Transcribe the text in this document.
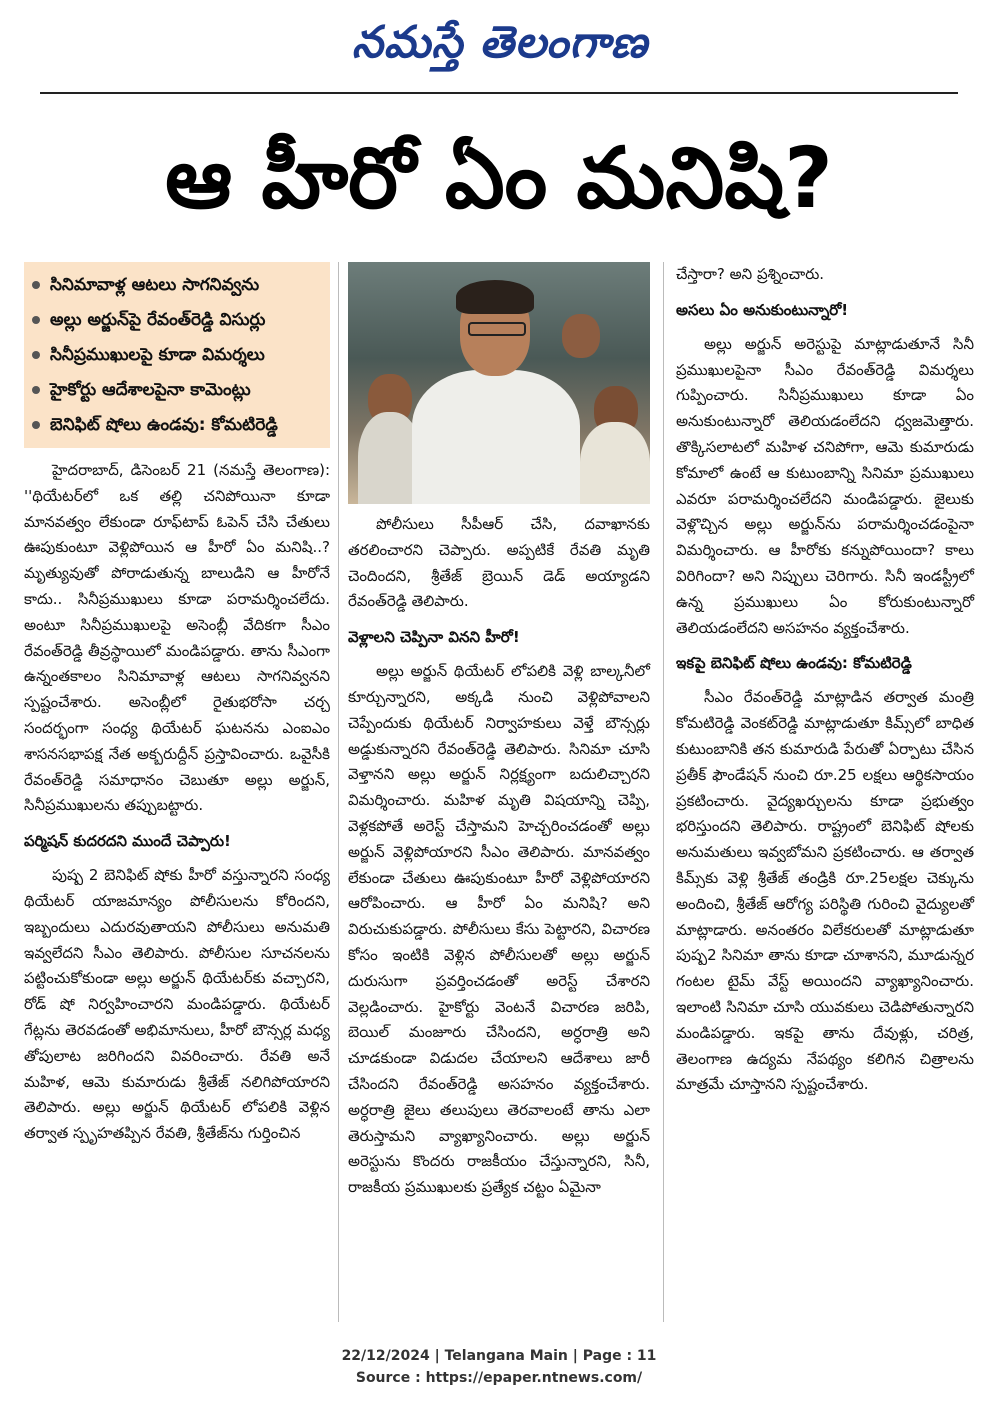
నమస్తే తెలంగాణ
ఆ హీరో ఏం మనిషి?
సినిమావాళ్ల ఆటలు సాగనివ్వను
అల్లు అర్జున్‌పై రేవంత్‌రెడ్డి విసుర్లు
సినీప్రముఖులపై కూడా విమర్శలు
హైకోర్టు ఆదేశాలపైనా కామెంట్లు
బెనిఫిట్ షోలు ఉండవు: కోమటిరెడ్డి

హైదరాబాద్, డిసెంబర్ 21 (నమస్తే తెలంగాణ): ''థియేటర్‌లో ఒక తల్లి చనిపోయినా కూడా మానవత్వం లేకుండా రూఫ్‌టాప్ ఓపెన్ చేసి చేతులు ఊపుకుంటూ వెళ్లిపోయిన ఆ హీరో ఏం మనిషి..? మృత్యువుతో పోరాడుతున్న బాలుడిని ఆ హీరోనే కాదు.. సినీప్రముఖులు కూడా పరామర్శించలేదు. అంటూ సినీప్రముఖులపై అసెంబ్లీ వేదికగా సీఎం రేవంత్‌రెడ్డి తీవ్రస్థాయిలో మండిపడ్డారు. తాను సీఎంగా ఉన్నంతకాలం సినిమావాళ్ల ఆటలు సాగనివ్వనని స్పష్టంచేశారు. అసెంబ్లీలో రైతుభరోసా చర్చ సందర్భంగా సంధ్య థియేటర్ ఘటనను ఎంఐఎం శాసనసభాపక్ష నేత అక్బరుద్దీన్ ప్రస్తావించారు. ఒవైసీకి రేవంత్‌రెడ్డి సమాధానం చెబుతూ అల్లు అర్జున్, సినీప్రముఖులను తప్పుబట్టారు.

పర్మిషన్ కుదరదని ముందే చెప్పారు!

పుష్ప 2 బెనిఫిట్ షోకు హీరో వస్తున్నారని సంధ్య థియేటర్ యాజమాన్యం పోలీసులను కోరిందని, ఇబ్బందులు ఎదురవుతాయని పోలీసులు అనుమతి ఇవ్వలేదని సీఎం తెలిపారు. పోలీసుల సూచనలను పట్టించుకోకుండా అల్లు అర్జున్ థియేటర్‌కు వచ్చారని, రోడ్ షో నిర్వహించారని మండిపడ్డారు. థియేటర్ గేట్లను తెరవడంతో అభిమానులు, హీరో బౌన్సర్ల మధ్య తోపులాట జరిగిందని వివరించారు. రేవతి అనే మహిళ, ఆమె కుమారుడు శ్రీతేజ్ నలిగిపోయారని తెలిపారు. అల్లు అర్జున్ థియేటర్ లోపలికి వెళ్లిన తర్వాత స్పృహతప్పిన రేవతి, శ్రీతేజ్‌ను గుర్తించిన

పోలీసులు సీపీఆర్ చేసి, దవాఖానకు తరలించారని చెప్పారు. అప్పటికే రేవతి మృతి చెందిందని, శ్రీతేజ్ బ్రెయిన్ డెడ్ అయ్యాడని రేవంత్‌రెడ్డి తెలిపారు.

వెళ్లాలని చెప్పినా వినని హీరో!

అల్లు అర్జున్ థియేటర్ లోపలికి వెళ్లి బాల్కనీలో కూర్చున్నారని, అక్కడి నుంచి వెళ్లిపోవాలని చెప్పేందుకు థియేటర్ నిర్వాహకులు వెళ్తే బౌన్సర్లు అడ్డుకున్నారని రేవంత్‌రెడ్డి తెలిపారు. సినిమా చూసి వెళ్తానని అల్లు అర్జున్ నిర్లక్ష్యంగా బదులిచ్చారని విమర్శించారు. మహిళ మృతి విషయాన్ని చెప్పి, వెళ్లకపోతే అరెస్ట్ చేస్తామని హెచ్చరించడంతో అల్లు అర్జున్ వెళ్లిపోయారని సీఎం తెలిపారు. మానవత్వం లేకుండా చేతులు ఊపుకుంటూ హీరో వెళ్లిపోయారని ఆరోపించారు. ఆ హీరో ఏం మనిషి? అని విరుచుకుపడ్డారు. పోలీసులు కేసు పెట్టారని, విచారణ కోసం ఇంటికి వెళ్లిన పోలీసులతో అల్లు అర్జున్ దురుసుగా ప్రవర్తించడంతో అరెస్ట్ చేశారని వెల్లడించారు. హైకోర్టు వెంటనే విచారణ జరిపి, బెయిల్ మంజూరు చేసిందని, అర్ధరాత్రి అని చూడకుండా విడుదల చేయాలని ఆదేశాలు జారీ చేసిందని రేవంత్‌రెడ్డి అసహనం వ్యక్తంచేశారు. అర్ధరాత్రి జైలు తలుపులు తెరవాలంటే తాను ఎలా తెరుస్తామని వ్యాఖ్యానించారు. అల్లు అర్జున్ అరెస్టును కొందరు రాజకీయం చేస్తున్నారని, సినీ, రాజకీయ ప్రముఖులకు ప్రత్యేక చట్టం ఏమైనా

చేస్తారా? అని ప్రశ్నించారు.

అసలు ఏం అనుకుంటున్నారో!

అల్లు అర్జున్ అరెస్టుపై మాట్లాడుతూనే సినీ ప్రముఖులపైనా సీఎం రేవంత్‌రెడ్డి విమర్శలు గుప్పించారు. సినీప్రముఖులు కూడా ఏం అనుకుంటున్నారో తెలియడంలేదని ధ్వజమెత్తారు. తొక్కిసలాటలో మహిళ చనిపోగా, ఆమె కుమారుడు కోమాలో ఉంటే ఆ కుటుంబాన్ని సినిమా ప్రముఖులు ఎవరూ పరామర్శించలేదని మండిపడ్డారు. జైలుకు వెళ్లొచ్చిన అల్లు అర్జున్‌ను పరామర్శించడంపైనా విమర్శించారు. ఆ హీరోకు కన్నుపోయిందా? కాలు విరిగిందా? అని నిప్పులు చెరిగారు. సినీ ఇండస్ట్రీలో ఉన్న ప్రముఖులు ఏం కోరుకుంటున్నారో తెలియడంలేదని అసహనం వ్యక్తంచేశారు.

ఇకపై బెనిఫిట్ షోలు ఉండవు: కోమటిరెడ్డి

సీఎం రేవంత్‌రెడ్డి మాట్లాడిన తర్వాత మంత్రి కోమటిరెడ్డి వెంకట్‌రెడ్డి మాట్లాడుతూ కిమ్స్‌లో బాధిత కుటుంబానికి తన కుమారుడి పేరుతో ఏర్పాటు చేసిన ప్రతీక్ ఫౌండేషన్ నుంచి రూ.25 లక్షలు ఆర్థికసాయం ప్రకటించారు. వైద్యఖర్చులను కూడా ప్రభుత్వం భరిస్తుందని తెలిపారు. రాష్ట్రంలో బెనిఫిట్ షోలకు అనుమతులు ఇవ్వబోమని ప్రకటించారు. ఆ తర్వాత కిమ్స్‌కు వెళ్లి శ్రీతేజ్ తండ్రికి రూ.25లక్షల చెక్కును అందించి, శ్రీతేజ్ ఆరోగ్య పరిస్థితి గురించి వైద్యులతో మాట్లాడారు. అనంతరం విలేకరులతో మాట్లాడుతూ పుష్ప2 సినిమా తాను కూడా చూశానని, మూడున్నర గంటల టైమ్ వేస్ట్ అయిందని వ్యాఖ్యానించారు. ఇలాంటి సినిమా చూసి యువకులు చెడిపోతున్నారని మండిపడ్డారు. ఇకపై తాను దేవుళ్లు, చరిత్ర, తెలంగాణ ఉద్యమ నేపథ్యం కలిగిన చిత్రాలను మాత్రమే చూస్తానని స్పష్టంచేశారు.

22/12/2024 | Telangana Main | Page : 11
Source : https://epaper.ntnews.com/
